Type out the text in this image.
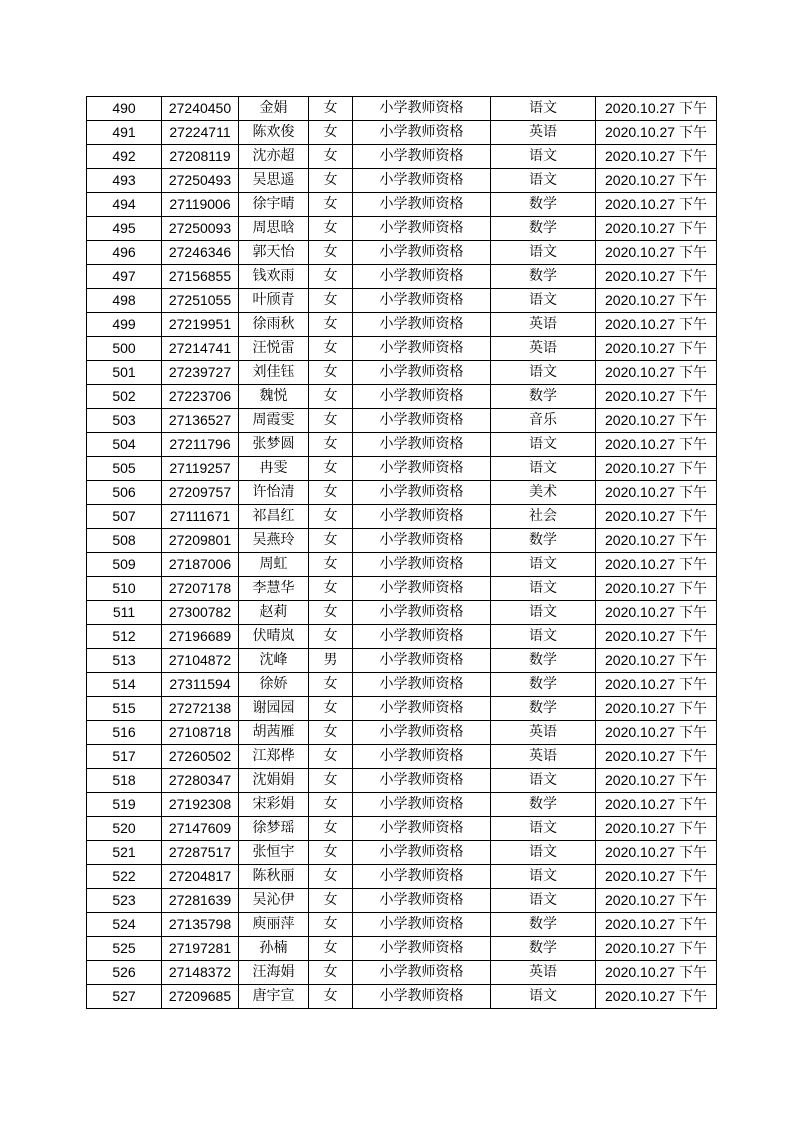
490	27240450	金娟	女	小学教师资格	语文	2020.10.27 下午
491	27224711	陈欢俊	女	小学教师资格	英语	2020.10.27 下午
492	27208119	沈亦超	女	小学教师资格	语文	2020.10.27 下午
493	27250493	吴思遥	女	小学教师资格	语文	2020.10.27 下午
494	27119006	徐宇晴	女	小学教师资格	数学	2020.10.27 下午
495	27250093	周思晗	女	小学教师资格	数学	2020.10.27 下午
496	27246346	郭天怡	女	小学教师资格	语文	2020.10.27 下午
497	27156855	钱欢雨	女	小学教师资格	数学	2020.10.27 下午
498	27251055	叶颀青	女	小学教师资格	语文	2020.10.27 下午
499	27219951	徐雨秋	女	小学教师资格	英语	2020.10.27 下午
500	27214741	汪悦雷	女	小学教师资格	英语	2020.10.27 下午
501	27239727	刘佳钰	女	小学教师资格	语文	2020.10.27 下午
502	27223706	魏悦	女	小学教师资格	数学	2020.10.27 下午
503	27136527	周霞雯	女	小学教师资格	音乐	2020.10.27 下午
504	27211796	张梦圆	女	小学教师资格	语文	2020.10.27 下午
505	27119257	冉雯	女	小学教师资格	语文	2020.10.27 下午
506	27209757	许怡清	女	小学教师资格	美术	2020.10.27 下午
507	27111671	祁昌红	女	小学教师资格	社会	2020.10.27 下午
508	27209801	吴燕玲	女	小学教师资格	数学	2020.10.27 下午
509	27187006	周虹	女	小学教师资格	语文	2020.10.27 下午
510	27207178	李慧华	女	小学教师资格	语文	2020.10.27 下午
511	27300782	赵莉	女	小学教师资格	语文	2020.10.27 下午
512	27196689	伏晴岚	女	小学教师资格	语文	2020.10.27 下午
513	27104872	沈峰	男	小学教师资格	数学	2020.10.27 下午
514	27311594	徐娇	女	小学教师资格	数学	2020.10.27 下午
515	27272138	谢园园	女	小学教师资格	数学	2020.10.27 下午
516	27108718	胡茜雁	女	小学教师资格	英语	2020.10.27 下午
517	27260502	江郑桦	女	小学教师资格	英语	2020.10.27 下午
518	27280347	沈娟娟	女	小学教师资格	语文	2020.10.27 下午
519	27192308	宋彩娟	女	小学教师资格	数学	2020.10.27 下午
520	27147609	徐梦瑶	女	小学教师资格	语文	2020.10.27 下午
521	27287517	张恒宇	女	小学教师资格	语文	2020.10.27 下午
522	27204817	陈秋丽	女	小学教师资格	语文	2020.10.27 下午
523	27281639	吴沁伊	女	小学教师资格	语文	2020.10.27 下午
524	27135798	庾丽萍	女	小学教师资格	数学	2020.10.27 下午
525	27197281	孙楠	女	小学教师资格	数学	2020.10.27 下午
526	27148372	汪海娟	女	小学教师资格	英语	2020.10.27 下午
527	27209685	唐宇宣	女	小学教师资格	语文	2020.10.27 下午
